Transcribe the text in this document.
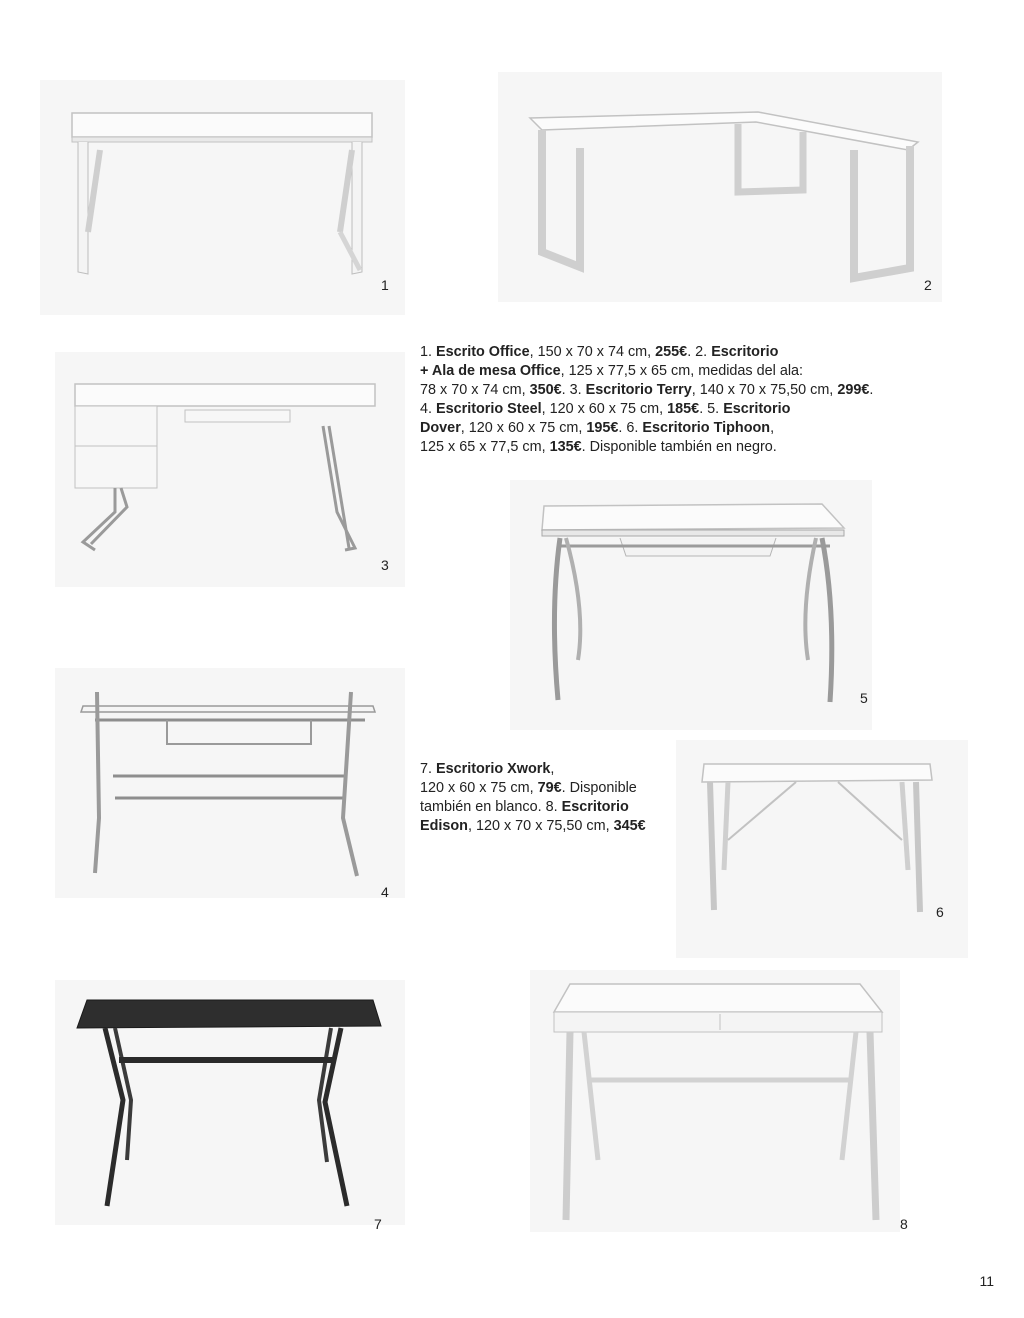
1	2
1. Escrito Office, 150 x 70 x 74 cm, 255€. 2. Escritorio
+ Ala de mesa Office, 125 x 77,5 x 65 cm, medidas del ala:
78 x 70 x 74 cm, 350€. 3. Escritorio Terry, 140 x 70 x 75,50 cm, 299€.
4. Escritorio Steel, 120 x 60 x 75 cm, 185€. 5. Escritorio
Dover, 120 x 60 x 75 cm, 195€. 6. Escritorio Tiphoon,
125 x 65 x 77,5 cm, 135€. Disponible también en negro.
3
5
4
7. Escritorio Xwork,
120 x 60 x 75 cm, 79€. Disponible
también en blanco. 8. Escritorio
Edison, 120 x 70 x 75,50 cm, 345€
6
7	8
11
